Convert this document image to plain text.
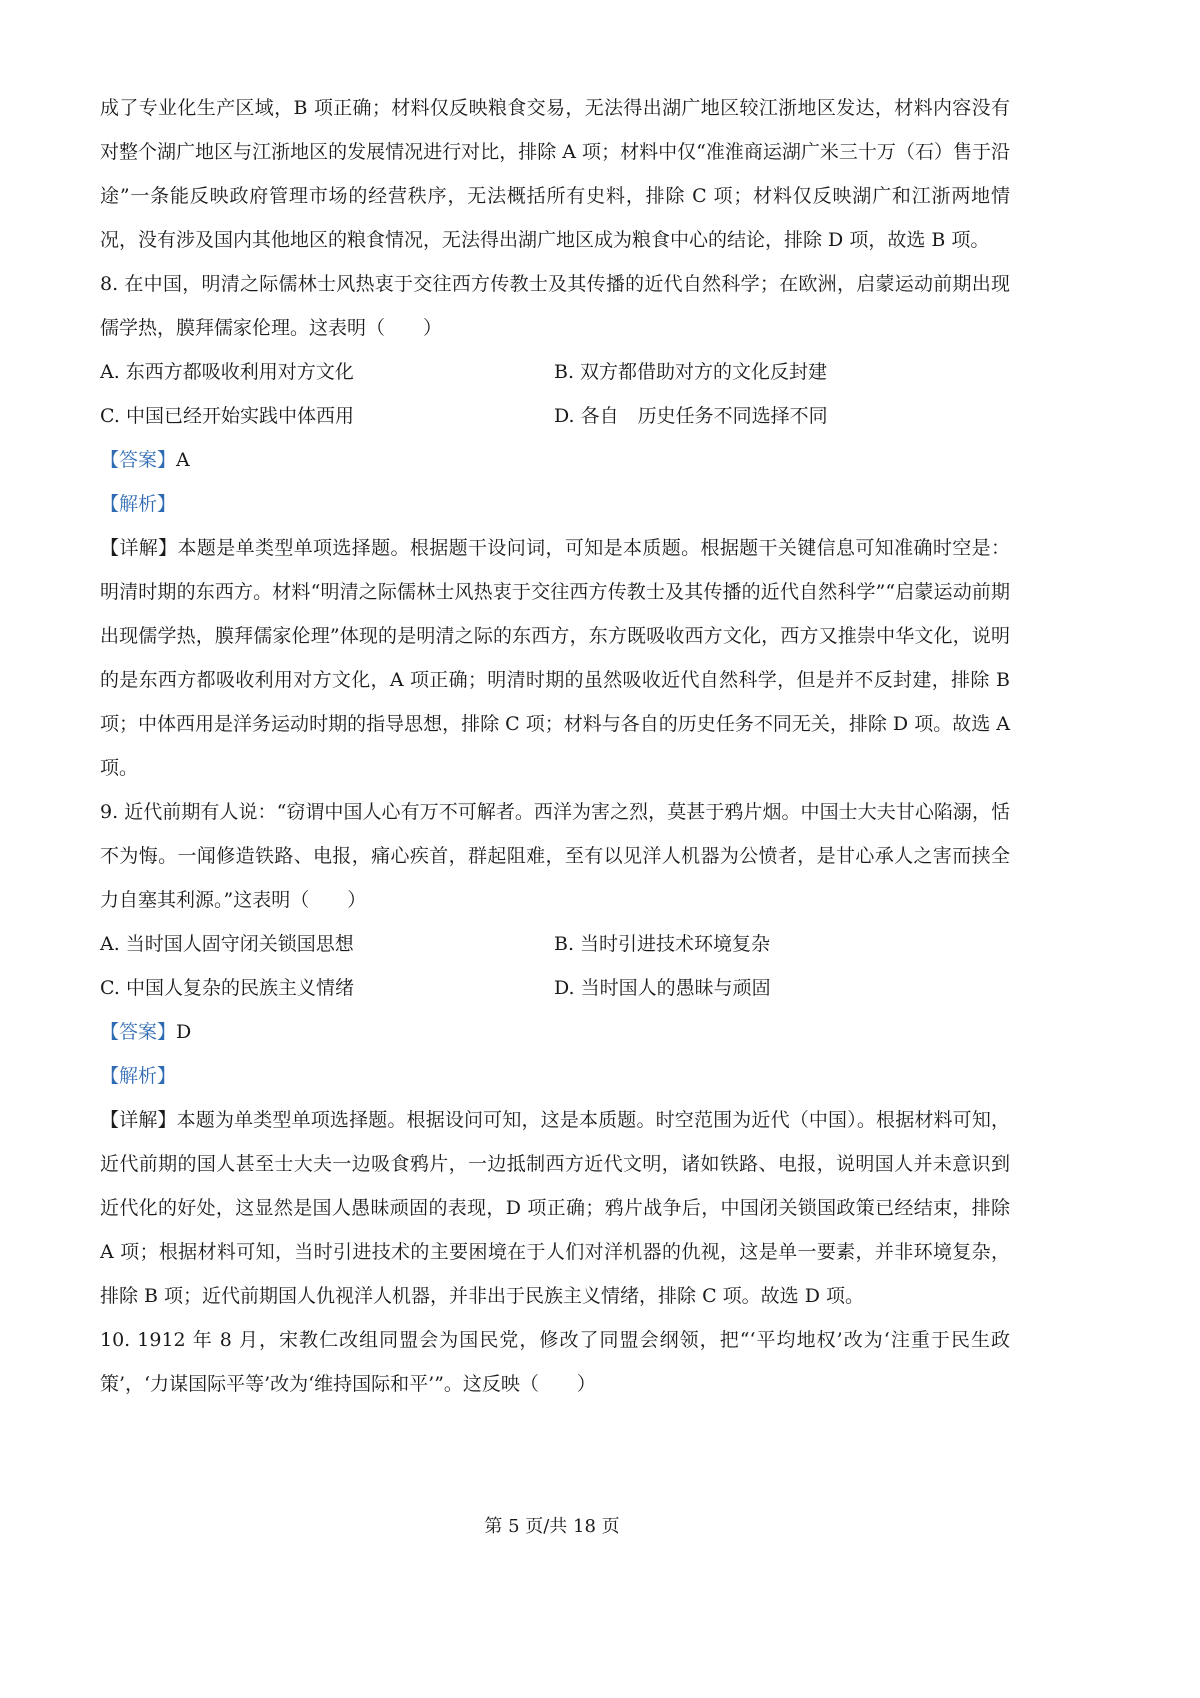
成了专业化生产区域，B 项正确；材料仅反映粮食交易，无法得出湖广地区较江浙地区发达，材料内容没有对整个湖广地区与江浙地区的发展情况进行对比，排除 A 项；材料中仅“准淮商运湖广米三十万（石）售于沿途”一条能反映政府管理市场的经营秩序，无法概括所有史料，排除 C 项；材料仅反映湖广和江浙两地情况，没有涉及国内其他地区的粮食情况，无法得出湖广地区成为粮食中心的结论，排除 D 项，故选 B 项。

8. 在中国，明清之际儒林士风热衷于交往西方传教士及其传播的近代自然科学；在欧洲，启蒙运动前期出现儒学热，膜拜儒家伦理。这表明（　　）

A. 东西方都吸收利用对方文化	B. 双方都借助对方的文化反封建
C. 中国已经开始实践中体西用	D. 各自　历史任务不同选择不同

【答案】A

【解析】

【详解】本题是单类型单项选择题。根据题干设问词，可知是本质题。根据题干关键信息可知准确时空是：明清时期的东西方。材料“明清之际儒林士风热衷于交往西方传教士及其传播的近代自然科学”“启蒙运动前期出现儒学热，膜拜儒家伦理”体现的是明清之际的东西方，东方既吸收西方文化，西方又推崇中华文化，说明的是东西方都吸收利用对方文化，A 项正确；明清时期的虽然吸收近代自然科学，但是并不反封建，排除 B 项；中体西用是洋务运动时期的指导思想，排除 C 项；材料与各自的历史任务不同无关，排除 D 项。故选 A 项。

9. 近代前期有人说：“窃谓中国人心有万不可解者。西洋为害之烈，莫甚于鸦片烟。中国士大夫甘心陷溺，恬不为悔。一闻修造铁路、电报，痛心疾首，群起阻难，至有以见洋人机器为公愤者，是甘心承人之害而挟全力自塞其利源。”这表明（　　）

A. 当时国人固守闭关锁国思想	B. 当时引进技术环境复杂
C. 中国人复杂的民族主义情绪	D. 当时国人的愚昧与顽固

【答案】D

【解析】

【详解】本题为单类型单项选择题。根据设问可知，这是本质题。时空范围为近代（中国）。根据材料可知，近代前期的国人甚至士大夫一边吸食鸦片，一边抵制西方近代文明，诸如铁路、电报，说明国人并未意识到近代化的好处，这显然是国人愚昧顽固的表现，D 项正确；鸦片战争后，中国闭关锁国政策已经结束，排除 A 项；根据材料可知，当时引进技术的主要困境在于人们对洋机器的仇视，这是单一要素，并非环境复杂，排除 B 项；近代前期国人仇视洋人机器，并非出于民族主义情绪，排除 C 项。故选 D 项。

10. 1912 年 8 月，宋教仁改组同盟会为国民党，修改了同盟会纲领，把“‘平均地权’改为‘注重于民生政策’，‘力谋国际平等’改为‘维持国际和平’”。这反映（　　）

第 5 页/共 18 页
